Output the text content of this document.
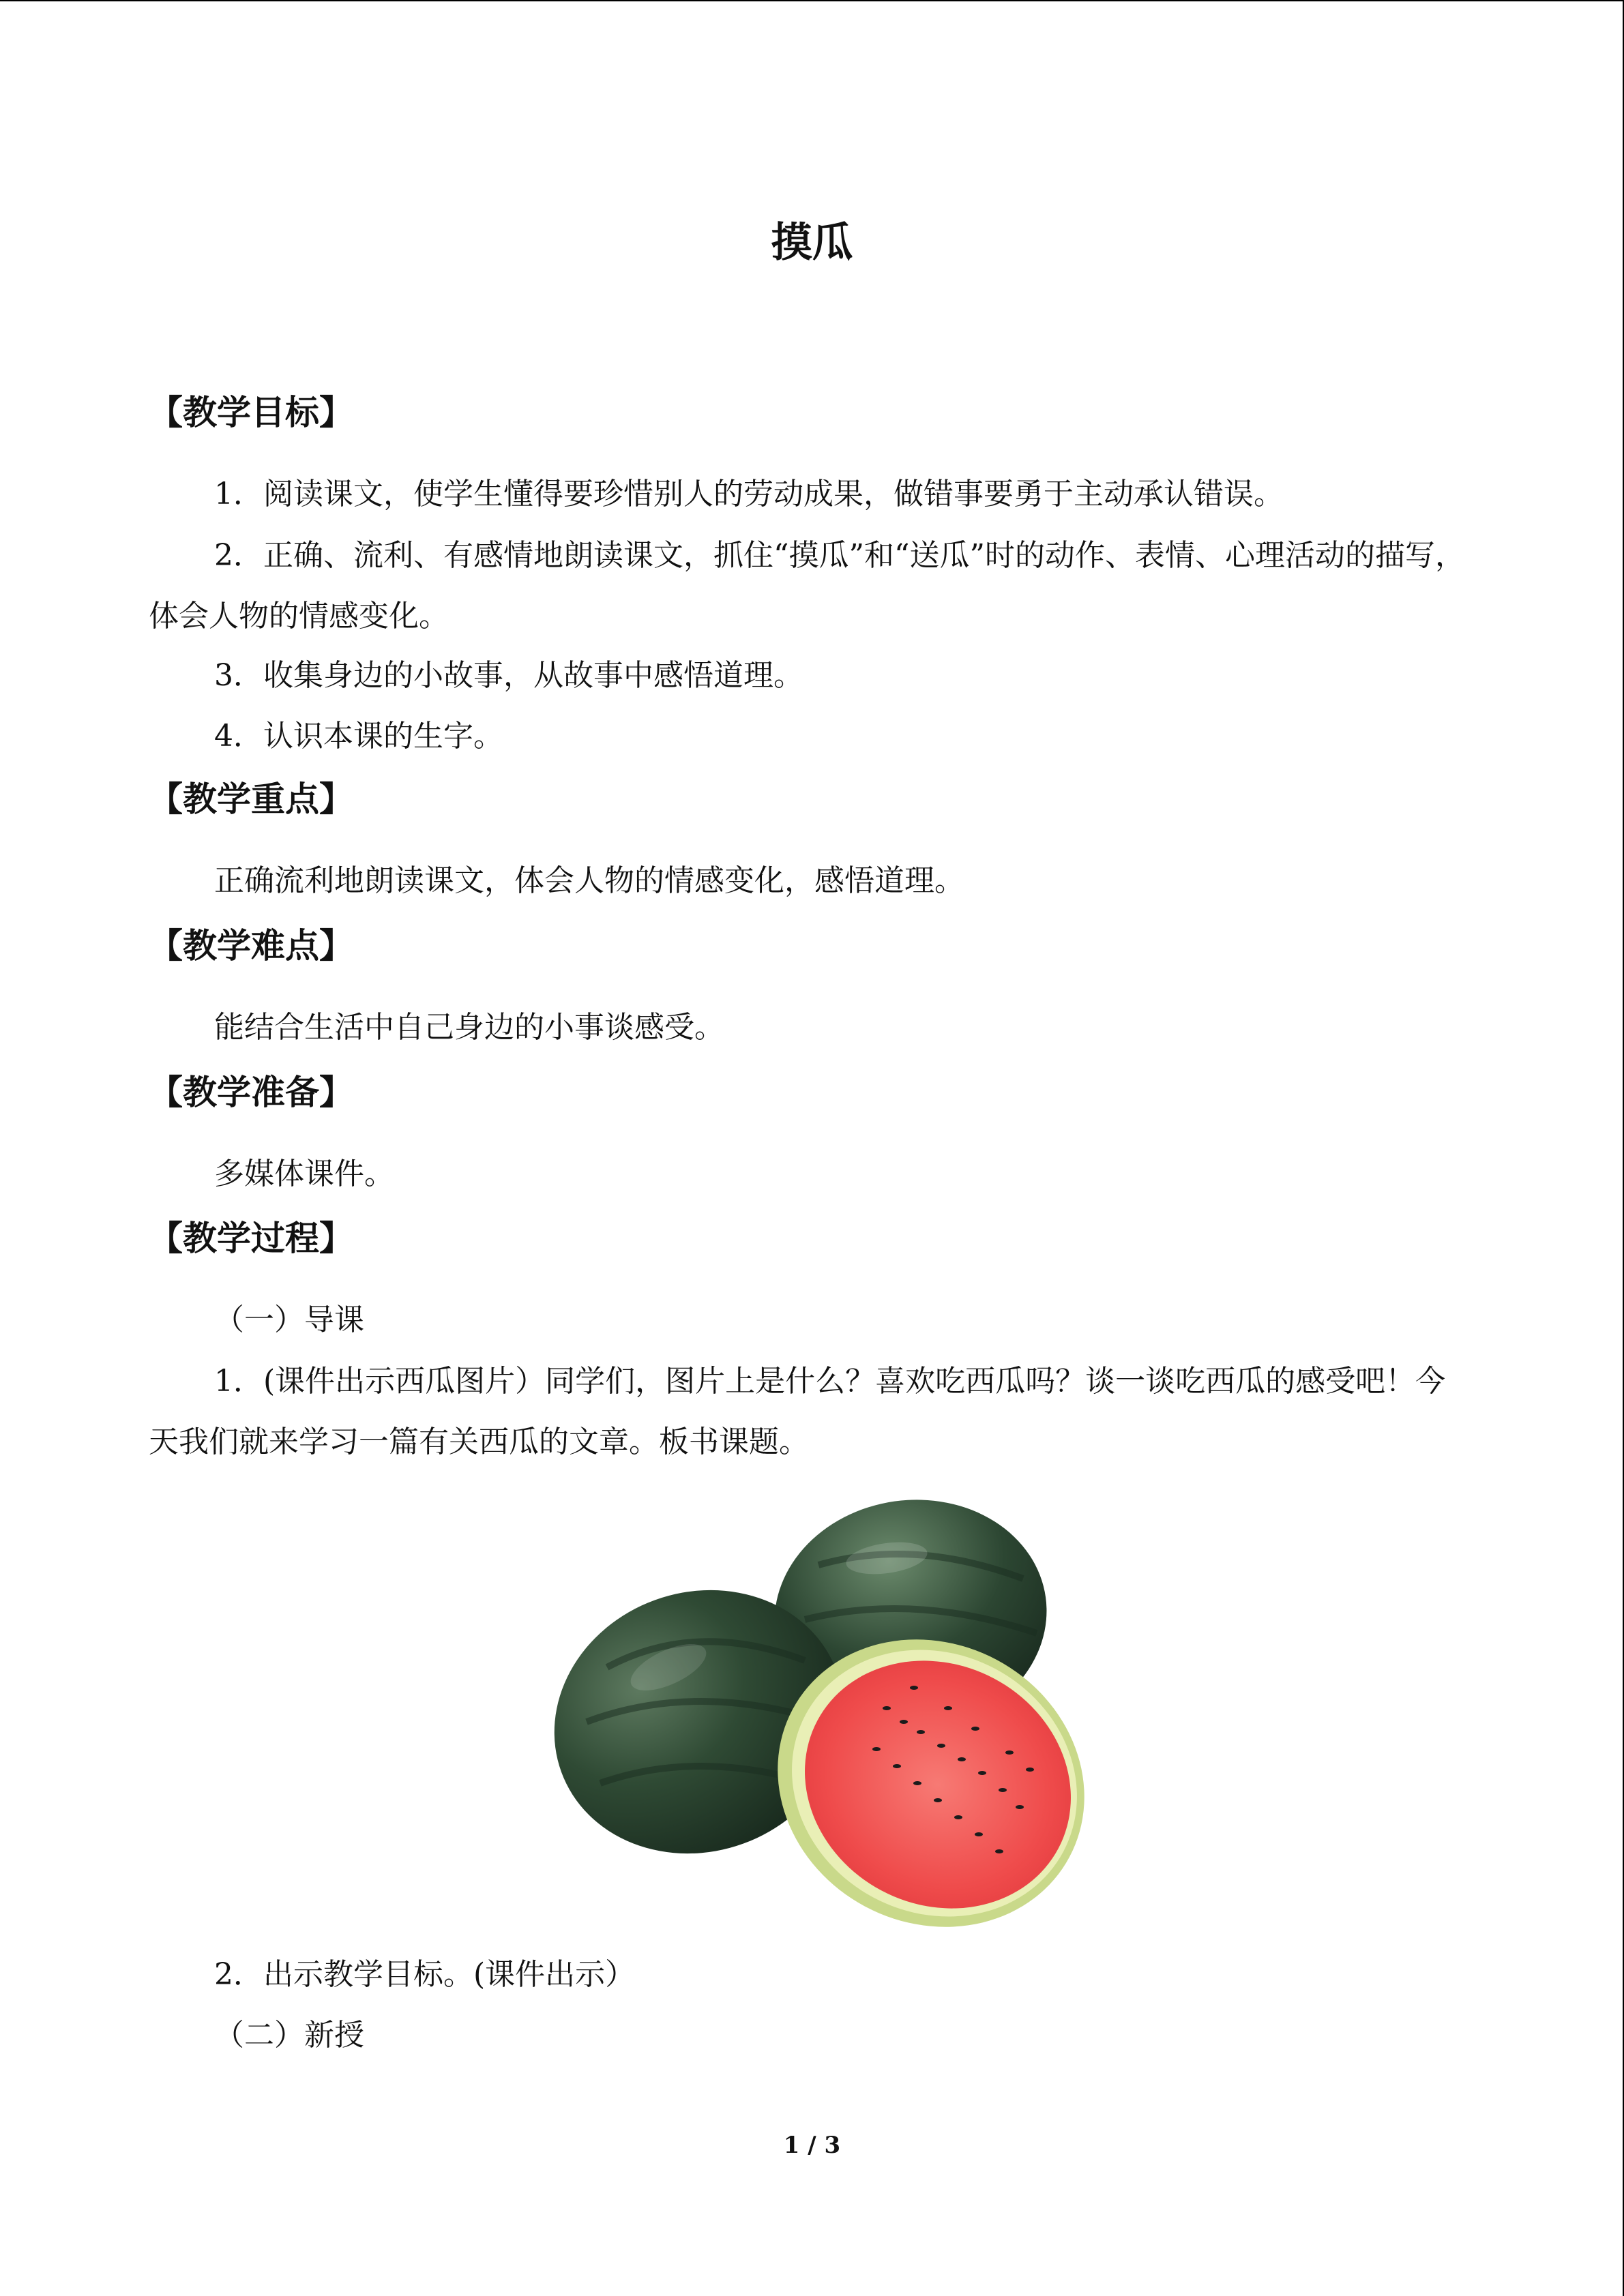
摸瓜
【教学目标】
1．阅读课文，使学生懂得要珍惜别人的劳动成果，做错事要勇于主动承认错误。
2．正确、流利、有感情地朗读课文，抓住“摸瓜”和“送瓜”时的动作、表情、心理活动的描写，体会人物的情感变化。
3．收集身边的小故事，从故事中感悟道理。
4．认识本课的生字。
【教学重点】
正确流利地朗读课文，体会人物的情感变化，感悟道理。
【教学难点】
能结合生活中自己身边的小事谈感受。
【教学准备】
多媒体课件。
【教学过程】
（一）导课
1．(课件出示西瓜图片）同学们，图片上是什么？喜欢吃西瓜吗？谈一谈吃西瓜的感受吧！今天我们就来学习一篇有关西瓜的文章。板书课题。
2．出示教学目标。(课件出示）
（二）新授
1 / 3
